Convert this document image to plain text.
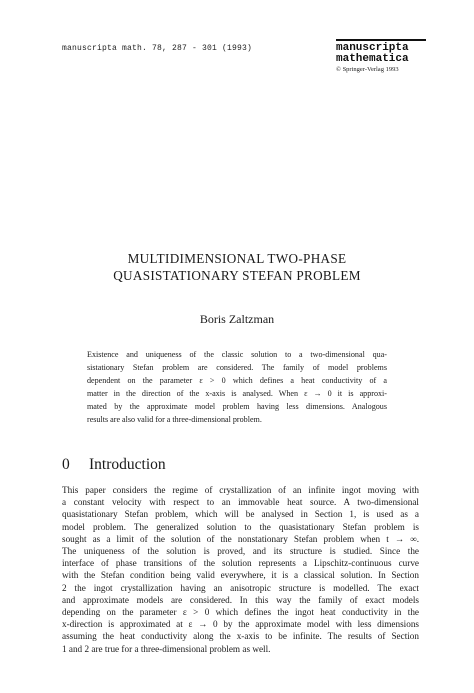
manuscripta math. 78, 287 - 301 (1993)	manuscripta
mathematica
© Springer-Verlag 1993
MULTIDIMENSIONAL TWO-PHASE
QUASISTATIONARY STEFAN PROBLEM
Boris Zaltzman
Existence and uniqueness of the classic solution to a two-dimensional qua-
sistationary Stefan problem are considered. The family of model problems
dependent on the parameter ε > 0 which defines a heat conductivity of a
matter in the direction of the x-axis is analysed. When ε → 0 it is approxi-
mated by the approximate model problem having less dimensions. Analogous
results are also valid for a three-dimensional problem.
0 Introduction
This paper considers the regime of crystallization of an infinite ingot moving with
a constant velocity with respect to an immovable heat source. A two-dimensional
quasistationary Stefan problem, which will be analysed in Section 1, is used as a
model problem. The generalized solution to the quasistationary Stefan problem is
sought as a limit of the solution of the nonstationary Stefan problem when t → ∞.
The uniqueness of the solution is proved, and its structure is studied. Since the
interface of phase transitions of the solution represents a Lipschitz-continuous curve
with the Stefan condition being valid everywhere, it is a classical solution. In Section
2 the ingot crystallization having an anisotropic structure is modelled. The exact
and approximate models are considered. In this way the family of exact models
depending on the parameter ε > 0 which defines the ingot heat conductivity in the
x-direction is approximated at ε → 0 by the approximate model with less dimensions
assuming the heat conductivity along the x-axis to be infinite. The results of Section
1 and 2 are true for a three-dimensional problem as well.
